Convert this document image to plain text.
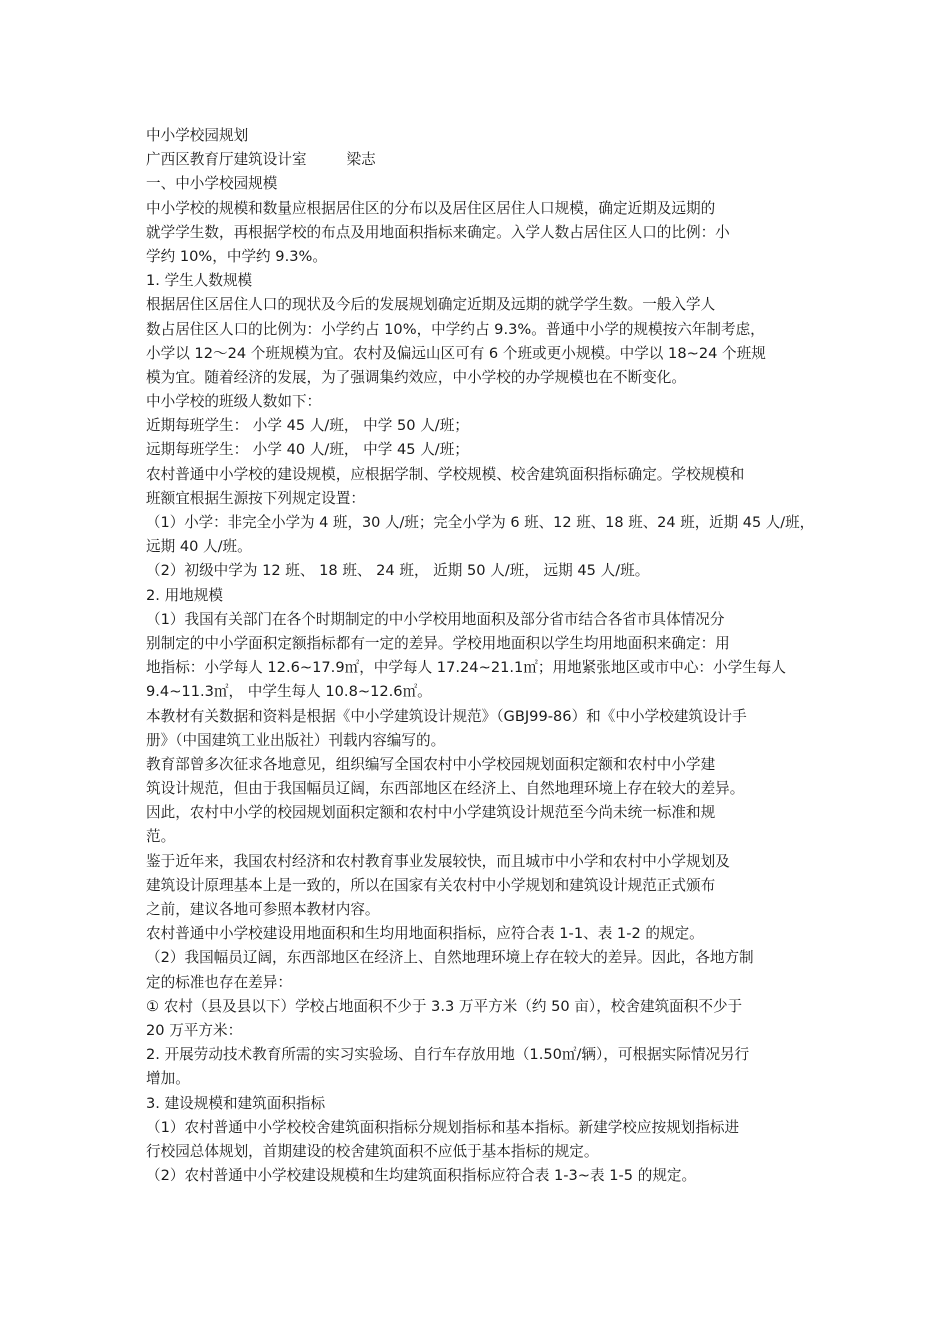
中小学校园规划
广西区教育厅建筑设计室	梁志
一、中小学校园规模
中小学校的规模和数量应根据居住区的分布以及居住区居住人口规模，确定近期及远期的
就学学生数，再根据学校的布点及用地面积指标来确定。入学人数占居住区人口的比例：小
学约 10%，中学约 9.3%。
1. 学生人数规模
根据居住区居住人口的现状及今后的发展规划确定近期及远期的就学学生数。一般入学人
数占居住区人口的比例为：小学约占 10%，中学约占 9.3%。普通中小学的规模按六年制考虑，
小学以 12～24 个班规模为宜。农村及偏远山区可有 6 个班或更小规模。中学以 18~24 个班规
模为宜。随着经济的发展，为了强调集约效应，中小学校的办学规模也在不断变化。
中小学校的班级人数如下：
近期每班学生： 小学 45 人/班， 中学 50 人/班；
远期每班学生： 小学 40 人/班， 中学 45 人/班；
农村普通中小学校的建设规模，应根据学制、学校规模、校舍建筑面积指标确定。学校规模和
班额宜根据生源按下列规定设置：
（1）小学：非完全小学为 4 班，30 人/班；完全小学为 6 班、12 班、18 班、24 班，近期 45 人/班，
远期 40 人/班。
（2）初级中学为 12 班、 18 班、 24 班， 近期 50 人/班， 远期 45 人/班。
2. 用地规模
（1）我国有关部门在各个时期制定的中小学校用地面积及部分省市结合各省市具体情况分
别制定的中小学面积定额指标都有一定的差异。学校用地面积以学生均用地面积来确定：用
地指标：小学每人 12.6~17.9㎡，中学每人 17.24~21.1㎡；用地紧张地区或市中心：小学生每人
9.4~11.3㎡， 中学生每人 10.8~12.6㎡。
本教材有关数据和资料是根据《中小学建筑设计规范》（GBJ99-86）和《中小学校建筑设计手
册》（中国建筑工业出版社）刊载内容编写的。
教育部曾多次征求各地意见，组织编写全国农村中小学校园规划面积定额和农村中小学建
筑设计规范，但由于我国幅员辽阔，东西部地区在经济上、自然地理环境上存在较大的差异。
因此，农村中小学的校园规划面积定额和农村中小学建筑设计规范至今尚未统一标准和规
范。
鉴于近年来，我国农村经济和农村教育事业发展较快，而且城市中小学和农村中小学规划及
建筑设计原理基本上是一致的，所以在国家有关农村中小学规划和建筑设计规范正式颁布
之前，建议各地可参照本教材内容。
农村普通中小学校建设用地面积和生均用地面积指标，应符合表 1-1、表 1-2 的规定。
（2）我国幅员辽阔，东西部地区在经济上、自然地理环境上存在较大的差异。因此，各地方制
定的标准也存在差异：
① 农村（县及县以下）学校占地面积不少于 3.3 万平方米（约 50 亩），校舍建筑面积不少于
20 万平方米：
2. 开展劳动技术教育所需的实习实验场、自行车存放用地（1.50㎡/辆），可根据实际情况另行
增加。
3. 建设规模和建筑面积指标
（1）农村普通中小学校校舍建筑面积指标分规划指标和基本指标。新建学校应按规划指标进
行校园总体规划，首期建设的校舍建筑面积不应低于基本指标的规定。
（2）农村普通中小学校建设规模和生均建筑面积指标应符合表 1-3~表 1-5 的规定。
